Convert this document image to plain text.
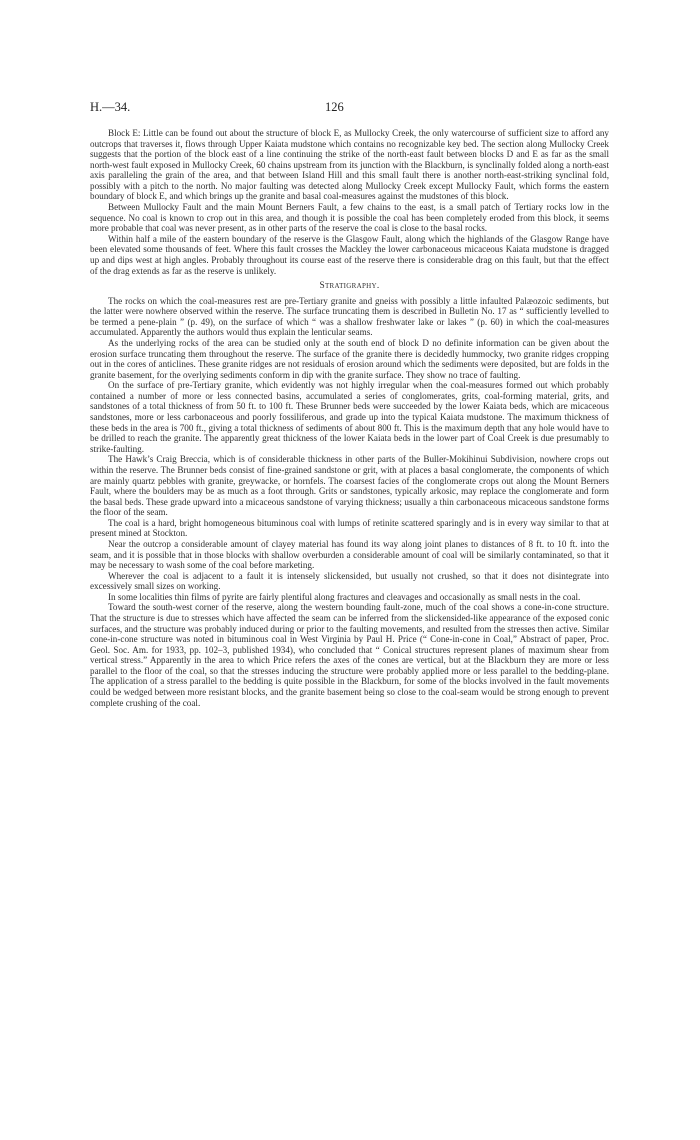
H.—34.	126

Block E: Little can be found out about the structure of block E, as Mullocky Creek, the only watercourse of sufficient size to afford any outcrops that traverses it, flows through Upper Kaiata mudstone which contains no recognizable key bed. The section along Mullocky Creek suggests that the portion of the block east of a line continuing the strike of the north-east fault between blocks D and E as far as the small north-west fault exposed in Mullocky Creek, 60 chains upstream from its junction with the Blackburn, is synclinally folded along a north-east axis paralleling the grain of the area, and that between Island Hill and this small fault there is another north-east-striking synclinal fold, possibly with a pitch to the north. No major faulting was detected along Mullocky Creek except Mullocky Fault, which forms the eastern boundary of block E, and which brings up the granite and basal coal-measures against the mudstones of this block.

Between Mullocky Fault and the main Mount Berners Fault, a few chains to the east, is a small patch of Tertiary rocks low in the sequence. No coal is known to crop out in this area, and though it is possible the coal has been completely eroded from this block, it seems more probable that coal was never present, as in other parts of the reserve the coal is close to the basal rocks.

Within half a mile of the eastern boundary of the reserve is the Glasgow Fault, along which the highlands of the Glasgow Range have been elevated some thousands of feet. Where this fault crosses the Mackley the lower carbonaceous micaceous Kaiata mudstone is dragged up and dips west at high angles. Probably throughout its course east of the reserve there is considerable drag on this fault, but that the effect of the drag extends as far as the reserve is unlikely.

Stratigraphy.

The rocks on which the coal-measures rest are pre-Tertiary granite and gneiss with possibly a little infaulted Palæozoic sediments, but the latter were nowhere observed within the reserve. The surface truncating them is described in Bulletin No. 17 as “ sufficiently levelled to be termed a pene-plain ” (p. 49), on the surface of which “ was a shallow freshwater lake or lakes ” (p. 60) in which the coal-measures accumulated. Apparently the authors would thus explain the lenticular seams.

As the underlying rocks of the area can be studied only at the south end of block D no definite information can be given about the erosion surface truncating them throughout the reserve. The surface of the granite there is decidedly hummocky, two granite ridges cropping out in the cores of anticlines. These granite ridges are not residuals of erosion around which the sediments were deposited, but are folds in the granite basement, for the overlying sediments conform in dip with the granite surface. They show no trace of faulting.

On the surface of pre-Tertiary granite, which evidently was not highly irregular when the coal-measures formed out which probably contained a number of more or less connected basins, accumulated a series of conglomerates, grits, coal-forming material, grits, and sandstones of a total thickness of from 50 ft. to 100 ft. These Brunner beds were succeeded by the lower Kaiata beds, which are micaceous sandstones, more or less carbonaceous and poorly fossiliferous, and grade up into the typical Kaiata mudstone. The maximum thickness of these beds in the area is 700 ft., giving a total thickness of sediments of about 800 ft. This is the maximum depth that any hole would have to be drilled to reach the granite. The apparently great thickness of the lower Kaiata beds in the lower part of Coal Creek is due presumably to strike-faulting.

The Hawk’s Craig Breccia, which is of considerable thickness in other parts of the Buller-Mokihinui Subdivision, nowhere crops out within the reserve. The Brunner beds consist of fine-grained sandstone or grit, with at places a basal conglomerate, the components of which are mainly quartz pebbles with granite, greywacke, or hornfels. The coarsest facies of the conglomerate crops out along the Mount Berners Fault, where the boulders may be as much as a foot through. Grits or sandstones, typically arkosic, may replace the conglomerate and form the basal beds. These grade upward into a micaceous sandstone of varying thickness; usually a thin carbonaceous micaceous sandstone forms the floor of the seam.

The coal is a hard, bright homogeneous bituminous coal with lumps of retinite scattered sparingly and is in every way similar to that at present mined at Stockton.

Near the outcrop a considerable amount of clayey material has found its way along joint planes to distances of 8 ft. to 10 ft. into the seam, and it is possible that in those blocks with shallow overburden a considerable amount of coal will be similarly contaminated, so that it may be necessary to wash some of the coal before marketing.

Wherever the coal is adjacent to a fault it is intensely slickensided, but usually not crushed, so that it does not disintegrate into excessively small sizes on working.

In some localities thin films of pyrite are fairly plentiful along fractures and cleavages and occasionally as small nests in the coal.

Toward the south-west corner of the reserve, along the western bounding fault-zone, much of the coal shows a cone-in-cone structure. That the structure is due to stresses which have affected the seam can be inferred from the slickensided-like appearance of the exposed conic surfaces, and the structure was probably induced during or prior to the faulting movements, and resulted from the stresses then active. Similar cone-in-cone structure was noted in bituminous coal in West Virginia by Paul H. Price (“ Cone-in-cone in Coal,” Abstract of paper, Proc. Geol. Soc. Am. for 1933, pp. 102–3, published 1934), who concluded that “ Conical structures represent planes of maximum shear from vertical stress.” Apparently in the area to which Price refers the axes of the cones are vertical, but at the Blackburn they are more or less parallel to the floor of the coal, so that the stresses inducing the structure were probably applied more or less parallel to the bedding-plane. The application of a stress parallel to the bedding is quite possible in the Blackburn, for some of the blocks involved in the fault movements could be wedged between more resistant blocks, and the granite basement being so close to the coal-seam would be strong enough to prevent complete crushing of the coal.
